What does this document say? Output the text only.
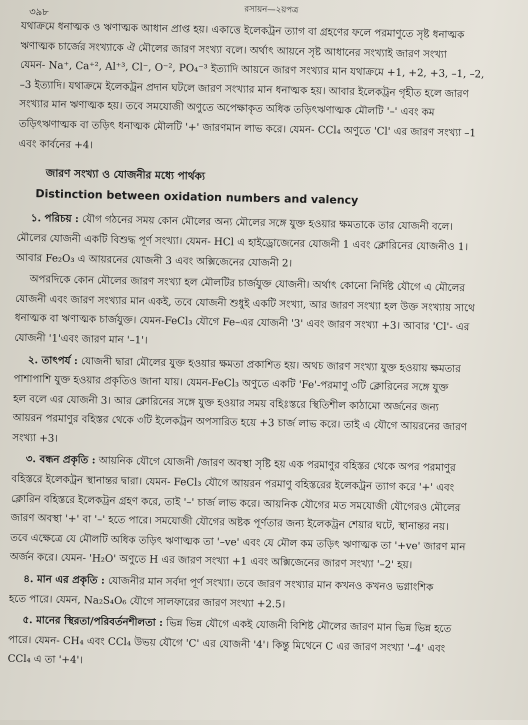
৩৯৮	রসায়ন—২য়পত্র
যথাক্রমে ধনাত্মক ও ঋণাত্মক আধান প্রাপ্ত হয়। একাত্তে ইলেকট্রন ত্যাগ বা গ্রহণের ফলে পরমাণুতে সৃষ্ট ধনাত্মক
ঋণাত্মক চার্জের সংখ্যাকে ঐ মৌলের জারণ সংখ্যা বলে। অর্থাৎ আয়নে সৃষ্ট আধানের সংখ্যাই জারণ সংখ্যা
যেমন- Na⁺, Ca⁺², Al⁺³, Cl⁻, O⁻², PO₄⁻³ ইত্যাদি আয়নে জারণ সংখ্যার মান যথাক্রমে +1, +2, +3, –1, –2,
–3 ইত্যাদি। যথাক্রমে ইলেকট্রন প্রদান ঘটলে জারণ সংখ্যার মান ধনাত্মক হয়। আবার ইলেকট্রন গৃহীত হলে জারণ
সংখ্যার মান ঋণাত্মক হয়। তবে সমযোজী অণুতে অপেক্ষাকৃত অধিক তড়িৎঋণাত্মক মৌলটি '–' এবং কম
তড়িৎঋণাত্মক বা তড়িৎ ধনাত্মক মৌলটি '+' জারণমান লাভ করে। যেমন- CCl₄ অণুতে 'Cl' এর জারণ সংখ্যা –1
এবং কার্বনের +4।
জারণ সংখ্যা ও যোজনীর মধ্যে পার্থক্য
Distinction between oxidation numbers and valency
১. পরিচয় : যৌগ গঠনের সময় কোন মৌলের অন্য মৌলের সঙ্গে যুক্ত হওয়ার ক্ষমতাকে তার যোজনী বলে।
মৌলের যোজনী একটি বিশুদ্ধ পূর্ণ সংখ্যা। যেমন- HCl এ হাইড্রোজেনের যোজনী 1 এবং ক্লোরিনের যোজনীও 1।
আবার Fe₂O₃ এ আয়রনের যোজনী 3 এবং অক্সিজেনের যোজনী 2।
অপরদিকে কোন মৌলের জারণ সংখ্যা হল মৌলটির চার্জযুক্ত যোজনী। অর্থাৎ কোনো নির্দিষ্ট যৌগে এ মৌলের
যোজনী এবং জারণ সংখ্যার মান একই, তবে যোজনী শুধুই একটি সংখ্যা, আর জারণ সংখ্যা হল উক্ত সংখ্যায় সাথে
ধনাত্মক বা ঋণাত্মক চার্জযুক্ত। যেমন-FeCl₃ যৌগে Fe–এর যোজনী '3' এবং জারণ সংখ্যা +3। আবার 'Cl'- এর
যোজনী '1'এবং জারণ মান '–1'।
২. তাৎপর্য : যোজনী দ্বারা মৌলের যুক্ত হওয়ার ক্ষমতা প্রকাশিত হয়। অথচ জারণ সংখ্যা যুক্ত হওয়ায় ক্ষমতার
পাশাপাশি যুক্ত হওয়ার প্রকৃতিও জানা যায়। যেমন-FeCl₃ অণুতে একটি 'Fe'-পরমাণু ৩টি ক্লোরিনের সঙ্গে যুক্ত
হল বলে এর যোজনী 3। আর ক্লোরিনের সঙ্গে যুক্ত হওয়ার সময় বহিঃস্তরে স্থিতিশীল কাঠামো অর্জনের জন্য
আয়রন পরমাণুর বহিস্তর থেকে ৩টি ইলেকট্রন অপসারিত হয়ে +3 চার্জ লাভ করে। তাই এ যৌগে আয়রনের জারণ
সংখ্যা +3।
৩. বন্ধন প্রকৃতি : আয়নিক যৌগে যোজনী /জারণ অবস্থা সৃষ্টি হয় এক পরমাণুর বহিস্তর থেকে অপর পরমাণুর
বহিস্তরে ইলেকট্রন স্থানান্তর দ্বারা। যেমন- FeCl₃ যৌগে আয়রন পরমাণু বহিস্তরের ইলেকট্রন ত্যাগ করে '+' এবং
ক্লোরিন বহিস্তরে ইলেকট্রন গ্রহণ করে, তাই '–' চার্জ লাভ করে। আয়নিক যৌগের মত সমযোজী যৌগেরও মৌলের
জারণ অবস্থা '+' বা '–' হতে পারে। সমযোজী যৌগের অষ্টক পূর্ণতার জন্য ইলেকট্রন শেয়ার ঘটে, স্থানান্তর নয়।
তবে এক্ষেত্রে যে মৌলটি অধিক তড়িৎ ঋণাত্মক তা '–ve' এবং যে মৌল কম তড়িৎ ঋণাত্মক তা '+ve' জারণ মান
অর্জন করে। যেমন- 'H₂O' অণুতে H এর জারণ সংখ্যা +1 এবং অক্সিজেনের জারণ সংখ্যা '–2' হয়।
৪. মান এর প্রকৃতি : যোজনীর মান সর্বদা পূর্ণ সংখ্যা। তবে জারণ সংখ্যার মান কখনও কখনও ভগ্নাংশিক
হতে পারে। যেমন, Na₂S₄O₆ যৌগে সালফারের জারণ সংখ্যা +2.5।
৫. মানের স্থিরতা/পরিবর্তনশীলতা : ভিন্ন ভিন্ন যৌগে একই যোজনী বিশিষ্ট মৌলের জারণ মান ভিন্ন ভিন্ন হতে
পারে। যেমন- CH₄ এবং CCl₄ উভয় যৌগে 'C' এর যোজনী '4'। কিন্তু মিথেনে C এর জারণ সংখ্যা '–4' এবং
CCl₄ এ তা '+4'।
